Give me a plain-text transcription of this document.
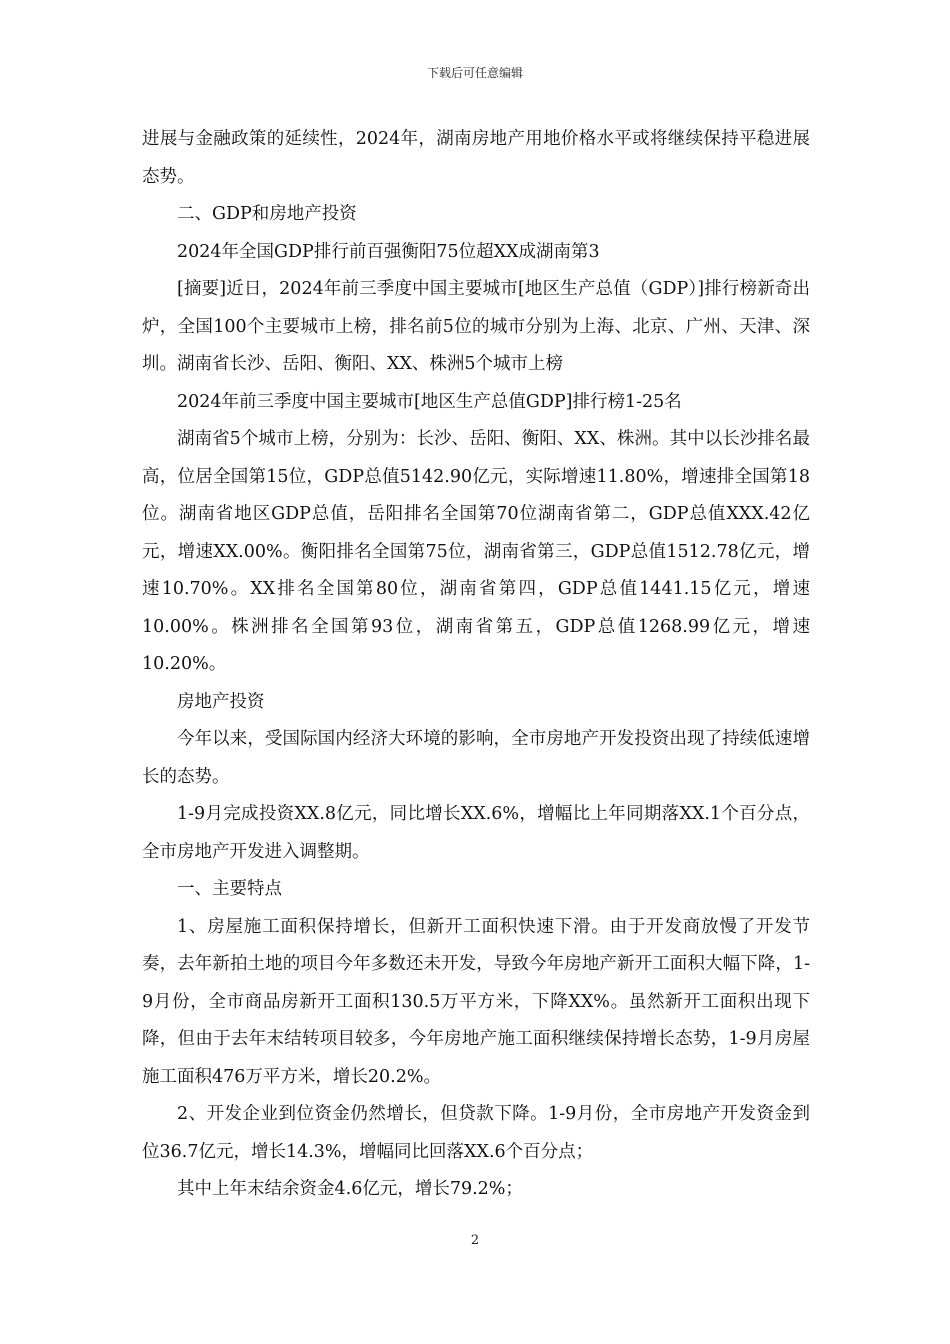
下载后可任意编辑

进展与金融政策的延续性，2024年，湖南房地产用地价格水平或将继续保持平稳进展态势。

二、GDP和房地产投资

2024年全国GDP排行前百强衡阳75位超XX成湖南第3

[摘要]近日，2024年前三季度中国主要城市[地区生产总值（GDP）]排行榜新奇出炉，全国100个主要城市上榜，排名前5位的城市分别为上海、北京、广州、天津、深圳。湖南省长沙、岳阳、衡阳、XX、株洲5个城市上榜

2024年前三季度中国主要城市[地区生产总值GDP]排行榜1-25名

湖南省5个城市上榜，分别为：长沙、岳阳、衡阳、XX、株洲。其中以长沙排名最高，位居全国第15位，GDP总值5142.90亿元，实际增速11.80%，增速排全国第18位。湖南省地区GDP总值，岳阳排名全国第70位湖南省第二，GDP总值XXX.42亿元，增速XX.00%。衡阳排名全国第75位，湖南省第三，GDP总值1512.78亿元，增速10.70%。XX排名全国第80位，湖南省第四，GDP总值1441.15亿元，增速10.00%。株洲排名全国第93位，湖南省第五，GDP总值1268.99亿元，增速10.20%。

房地产投资

今年以来，受国际国内经济大环境的影响，全市房地产开发投资出现了持续低速增长的态势。

1-9月完成投资XX.8亿元，同比增长XX.6%，增幅比上年同期落XX.1个百分点，全市房地产开发进入调整期。

一、主要特点

1、房屋施工面积保持增长，但新开工面积快速下滑。由于开发商放慢了开发节奏，去年新拍土地的项目今年多数还未开发，导致今年房地产新开工面积大幅下降，1-9月份，全市商品房新开工面积130.5万平方米，下降XX%。虽然新开工面积出现下降，但由于去年末结转项目较多，今年房地产施工面积继续保持增长态势，1-9月房屋施工面积476万平方米，增长20.2%。

2、开发企业到位资金仍然增长，但贷款下降。1-9月份，全市房地产开发资金到位36.7亿元，增长14.3%，增幅同比回落XX.6个百分点；

其中上年末结余资金4.6亿元，增长79.2%；

2
